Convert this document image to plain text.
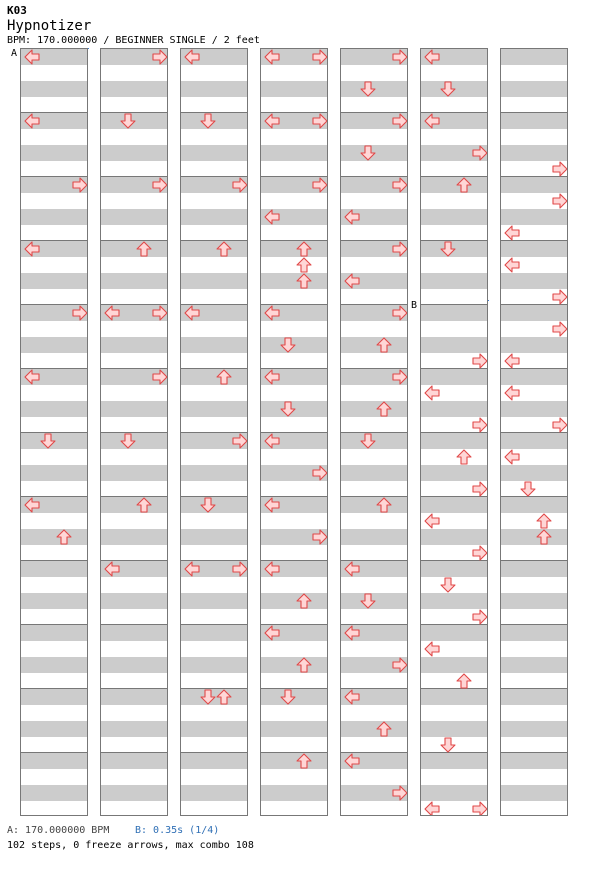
K03
Hypnotizer
BPM: 170.000000 / BEGINNER SINGLE / 2 feet
A
B
A: 170.000000 BPM	B: 0.35s (1/4)
102 steps, 0 freeze arrows, max combo 108
